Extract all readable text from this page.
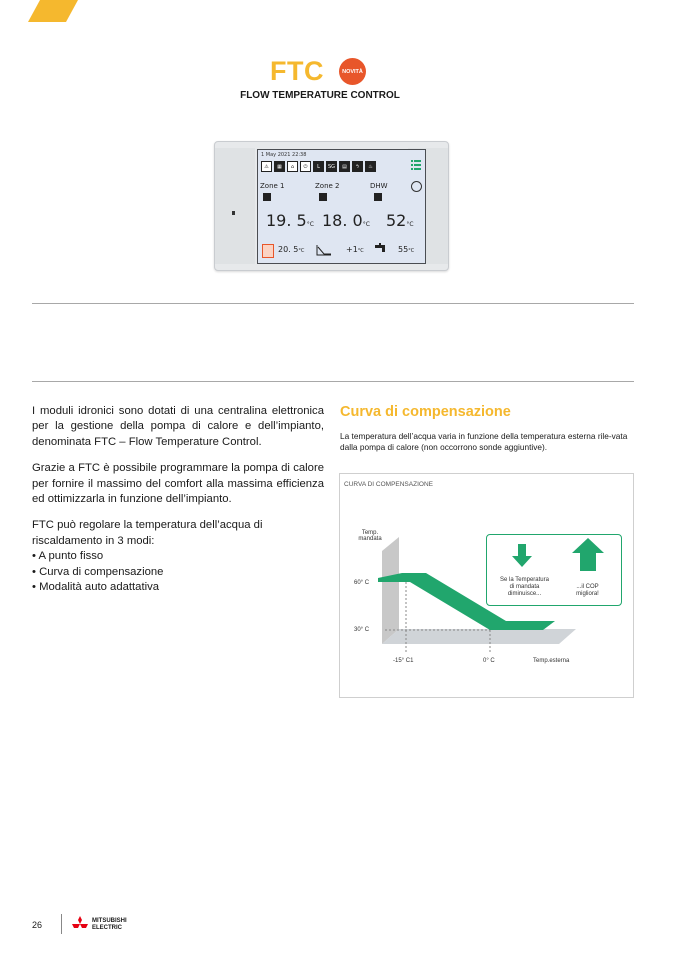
FTC	NOVITÀ
FLOW TEMPERATURE CONTROL
1 May 2021 22:38
⚠	▦	⌂	⏻	L	SG	▤	ϟ	♨
Zone 1	Zone 2	DHW
19. 5°C 18. 0°C 52°C
20. 5°C	+1°C	55°C

I moduli idronici sono dotati di una centralina elettronica per la gestione della pompa di calore e dell’impianto, denominata FTC – Flow Temperature Control.

Grazie a FTC è possibile programmare la pompa di calore per fornire il massimo del comfort alla massima efficienza ed ottimizzarla in funzione dell’impianto.

FTC può regolare la temperatura dell’acqua di riscaldamento in 3 modi:

• A punto fisso
• Curva di compensazione
• Modalità auto adattativa
Curva di compensazione
La temperatura dell’acqua varia in funzione della temperatura esterna rile-vata dalla pompa di calore (non occorrono sonde aggiuntive).
CURVA DI COMPENSAZIONE
Temp.
mandata
60° C
30° C
-15° C1	0° C	Temp.esterna
Se la Temperatura
di mandata
diminuisce...
...il COP
migliora!
26	MITSUBISHI
ELECTRIC
